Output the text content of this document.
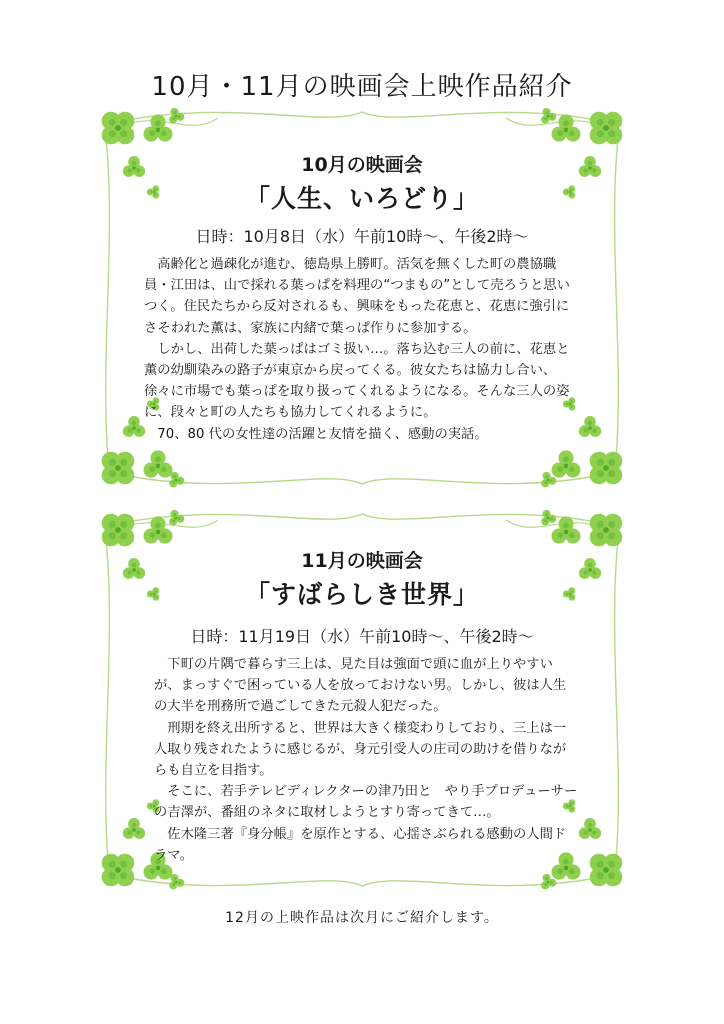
10月・11月の映画会上映作品紹介
10月の映画会
「人生、いろどり」

日時：10月8日（水）午前10時～、午後2時～

高齢化と過疎化が進む、徳島県上勝町。活気を無くした町の農協職員・江田は、山で採れる葉っぱを料理の“つまもの”として売ろうと思いつく。住民たちから反対されるも、興味をもった花恵と、花恵に強引にさそわれた薫は、家族に内緒で葉っぱ作りに参加する。

しかし、出荷した葉っぱはゴミ扱い…。落ち込む三人の前に、花恵と薫の幼馴染みの路子が東京から戻ってくる。彼女たちは協力し合い、徐々に市場でも葉っぱを取り扱ってくれるようになる。そんな三人の姿に、段々と町の人たちも協力してくれるように。

70、80 代の女性達の活躍と友情を描く、感動の実話。

11月の映画会
「すばらしき世界」

日時：11月19日（水）午前10時～、午後2時～

下町の片隅で暮らす三上は、見た目は強面で頭に血が上りやすいが、まっすぐで困っている人を放っておけない男。しかし、彼は人生の大半を刑務所で過ごしてきた元殺人犯だった。

刑期を終え出所すると、世界は大きく様変わりしており、三上は一人取り残されたように感じるが、身元引受人の庄司の助けを借りながらも自立を目指す。

そこに、若手テレビディレクターの津乃田と　やり手プロデューサーの吉澤が、番組のネタに取材しようとすり寄ってきて…。

佐木隆三著『身分帳』を原作とする、心揺さぶられる感動の人間ドラマ。

12月の上映作品は次月にご紹介します。
